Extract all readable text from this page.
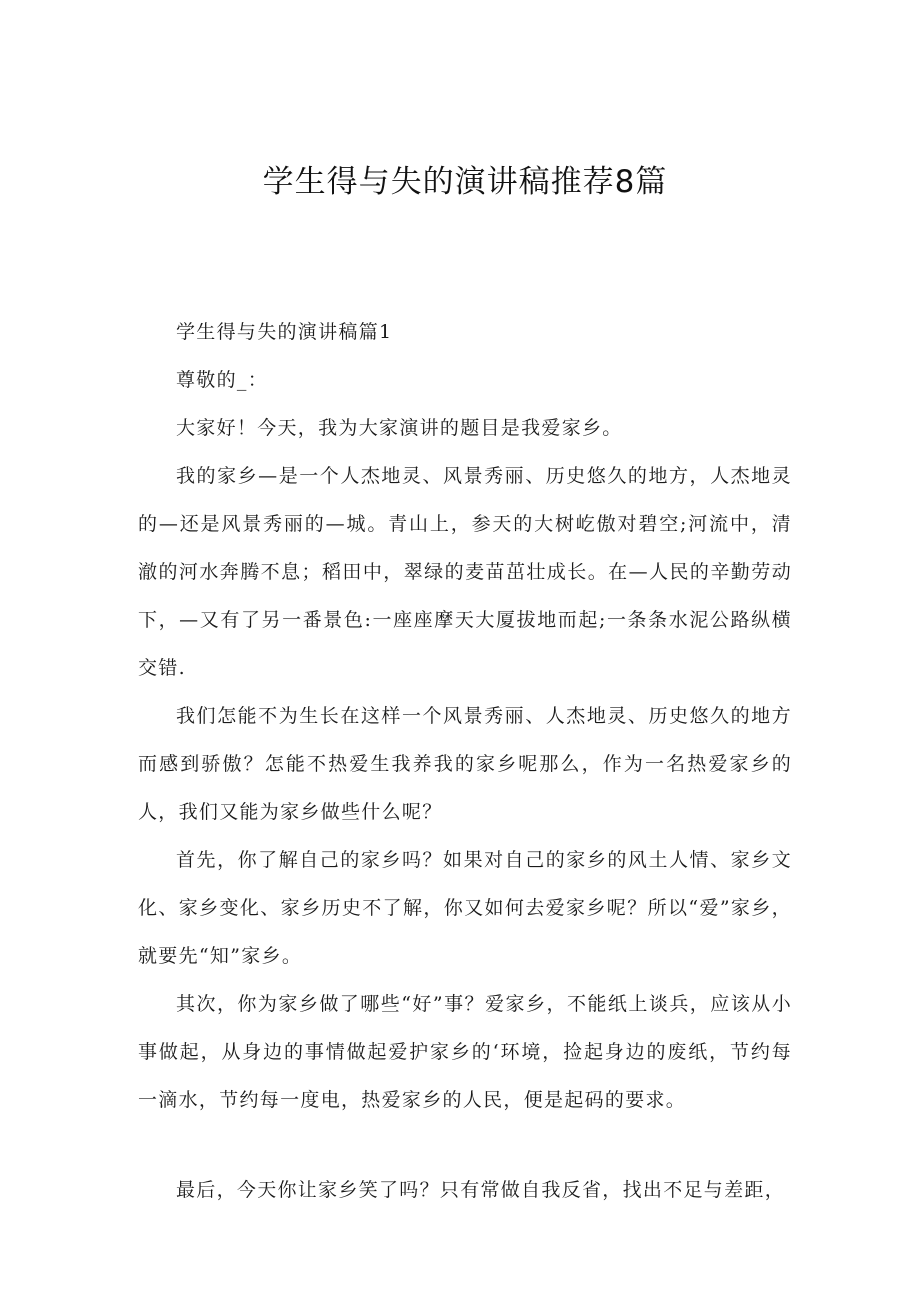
学生得与失的演讲稿推荐8篇

学生得与失的演讲稿篇1

尊敬的_：

大家好！今天，我为大家演讲的题目是我爱家乡。

我的家乡—是一个人杰地灵、风景秀丽、历史悠久的地方，人杰地灵的—还是风景秀丽的—城。青山上，参天的大树屹傲对碧空;河流中，清澈的河水奔腾不息；稻田中，翠绿的麦苗茁壮成长。在—人民的辛勤劳动下，—又有了另一番景色:一座座摩天大厦拔地而起;一条条水泥公路纵横交错.

我们怎能不为生长在这样一个风景秀丽、人杰地灵、历史悠久的地方而感到骄傲？怎能不热爱生我养我的家乡呢那么，作为一名热爱家乡的人，我们又能为家乡做些什么呢？

首先，你了解自己的家乡吗？如果对自己的家乡的风土人情、家乡文化、家乡变化、家乡历史不了解，你又如何去爱家乡呢？所以“爱”家乡，就要先“知”家乡。

其次，你为家乡做了哪些“好”事？爱家乡，不能纸上谈兵，应该从小事做起，从身边的事情做起爱护家乡的‘环境，捡起身边的废纸，节约每一滴水，节约每一度电，热爱家乡的人民，便是起码的要求。

最后，今天你让家乡笑了吗？只有常做自我反省，找出不足与差距，
